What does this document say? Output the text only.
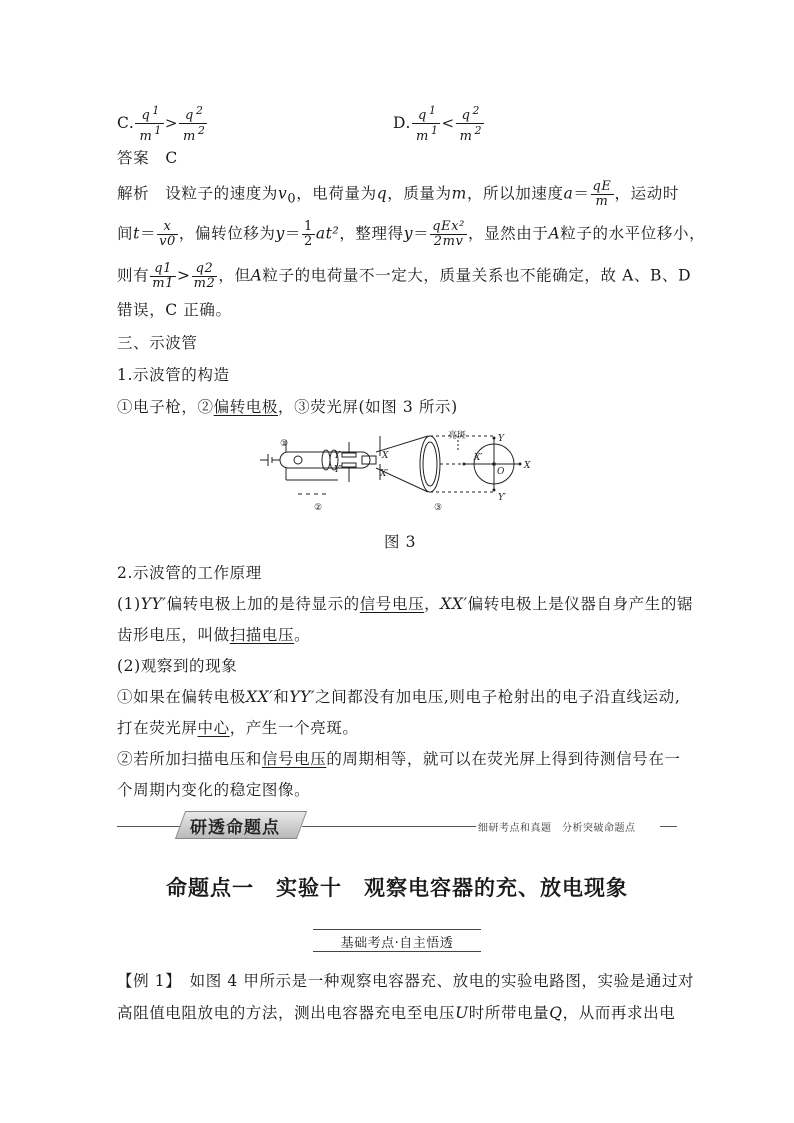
C. $\frac{q ^1}{m ^1} > \frac{q ^2}{m ^2}$	D. $\frac{q ^1}{m ^1} < \frac{q ^2}{m ^2}$
答案　 C
解析　设粒子的速度为$v_0$，电荷量为q，质量为m，所以加速度$a= \frac{qE}{m}$ ，运动时
间$t= \frac{x}{v0}$ ，偏转位移为$y= \frac{1}{2} at^2$，整理得$y= \frac{\text{qEx²}}{2mv}$ ，显然由于A粒子的水平位移小，
则有 $\frac{q1}{m1} > \frac{q2}{m2}$ ，但A粒子的电荷量不一定大，质量关系也不能确定，故 A、B、D
错误，C 正确。
三、示波管
1.示波管的构造
①电子枪，②偏转电极，③荧光屏(如图 3 所示)
①
②	③
Y
Y′
X
X′
亮斑
X′
O
Y
Y′
X
图 3
2.示波管的工作原理
(1)YY′偏转电极上加的是待显示的信号电压，XX′偏转电极上是仪器自身产生的锯
齿形电压，叫做扫描电压。
(2)观察到的现象
①如果在偏转电极XX′和YY′之间都没有加电压,则电子枪射出的电子沿直线运动,
打在荧光屏中心，产生一个亮斑。
②若所加扫描电压和信号电压的周期相等，就可以在荧光屏上得到待测信号在一
个周期内变化的稳定图像。
研透命题点	细研考点和真题　分析突破命题点
命题点一　实验十　观察电容器的充、放电现象
基础考点·自主悟透
【例 1】　如图 4 甲所示是一种观察电容器充、放电的实验电路图，实验是通过对
高阻值电阻放电的方法，测出电容器充电至电压U时所带电量Q，从而再求出电
